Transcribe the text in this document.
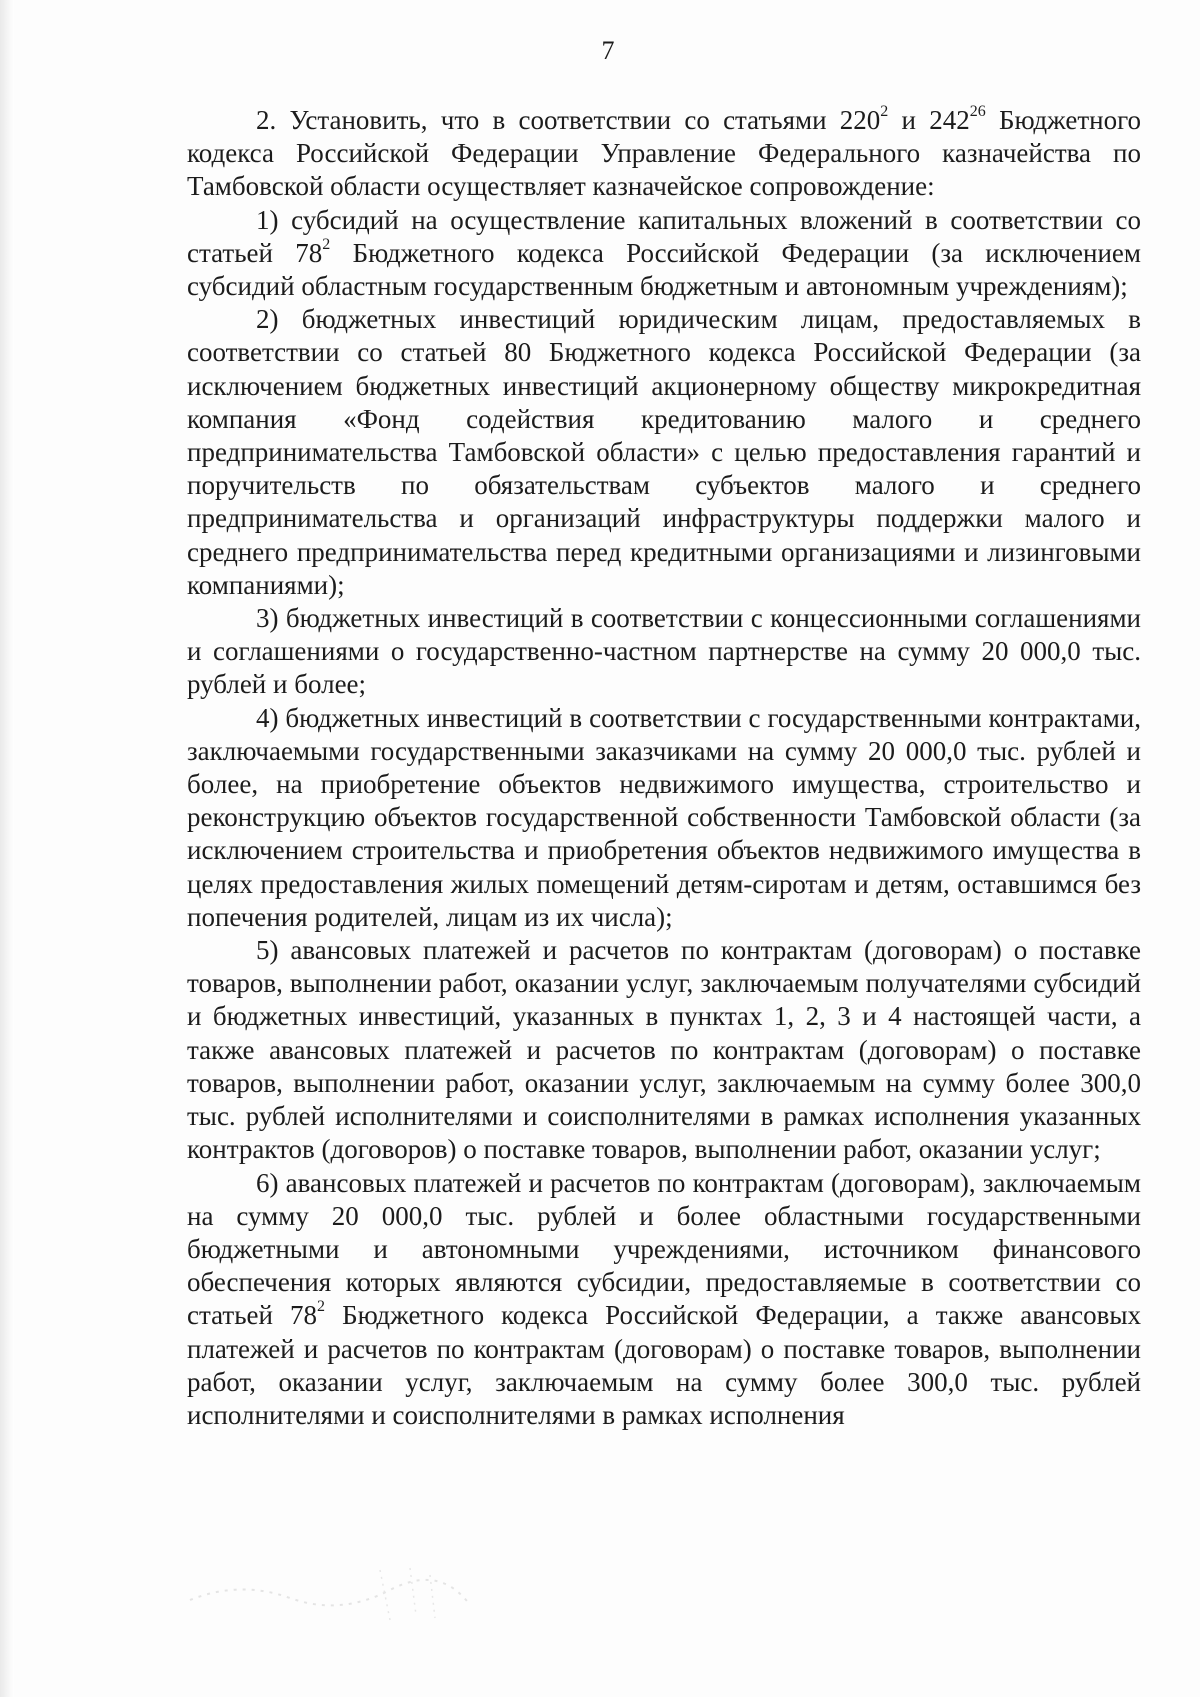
7

2. Установить, что в соответствии со статьями $220^2$ и $242^{26}$ Бюджетного кодекса Российской Федерации Управление Федерального казначейства по Тамбовской области осуществляет казначейское сопровождение:

1) субсидий на осуществление капитальных вложений в соответствии со статьей $78^2$ Бюджетного кодекса Российской Федерации (за исключением субсидий областным государственным бюджетным и автономным учреждениям);

2) бюджетных инвестиций юридическим лицам, предоставляемых в соответствии со статьей 80 Бюджетного кодекса Российской Федерации (за исключением бюджетных инвестиций акционерному обществу микрокредитная компания «Фонд содействия кредитованию малого и среднего предпринимательства Тамбовской области» с целью предоставления гарантий и поручительств по обязательствам субъектов малого и среднего предпринимательства и организаций инфраструктуры поддержки малого и среднего предпринимательства перед кредитными организациями и лизинговыми компаниями);

3) бюджетных инвестиций в соответствии с концессионными соглашениями и соглашениями о государственно-частном партнерстве на сумму 20 000,0 тыс. рублей и более;

4) бюджетных инвестиций в соответствии с государственными контрактами, заключаемыми государственными заказчиками на сумму 20 000,0 тыс. рублей и более, на приобретение объектов недвижимого имущества, строительство и реконструкцию объектов государственной собственности Тамбовской области (за исключением строительства и приобретения объектов недвижимого имущества в целях предоставления жилых помещений детям-сиротам и детям, оставшимся без попечения родителей, лицам из их числа);

5) авансовых платежей и расчетов по контрактам (договорам) о поставке товаров, выполнении работ, оказании услуг, заключаемым получателями субсидий и бюджетных инвестиций, указанных в пунктах 1, 2, 3 и 4 настоящей части, а также авансовых платежей и расчетов по контрактам (договорам) о поставке товаров, выполнении работ, оказании услуг, заключаемым на сумму более 300,0 тыс. рублей исполнителями и соисполнителями в рамках исполнения указанных контрактов (договоров) о поставке товаров, выполнении работ, оказании услуг;

6) авансовых платежей и расчетов по контрактам (договорам), заключаемым на сумму 20 000,0 тыс. рублей и более областными государственными бюджетными и автономными учреждениями, источником финансового обеспечения которых являются субсидии, предоставляемые в соответствии со статьей $78^2$ Бюджетного кодекса Российской Федерации, а также авансовых платежей и расчетов по контрактам (договорам) о поставке товаров, выполнении работ, оказании услуг, заключаемым на сумму более 300,0 тыс. рублей исполнителями и соисполнителями в рамках исполнения
